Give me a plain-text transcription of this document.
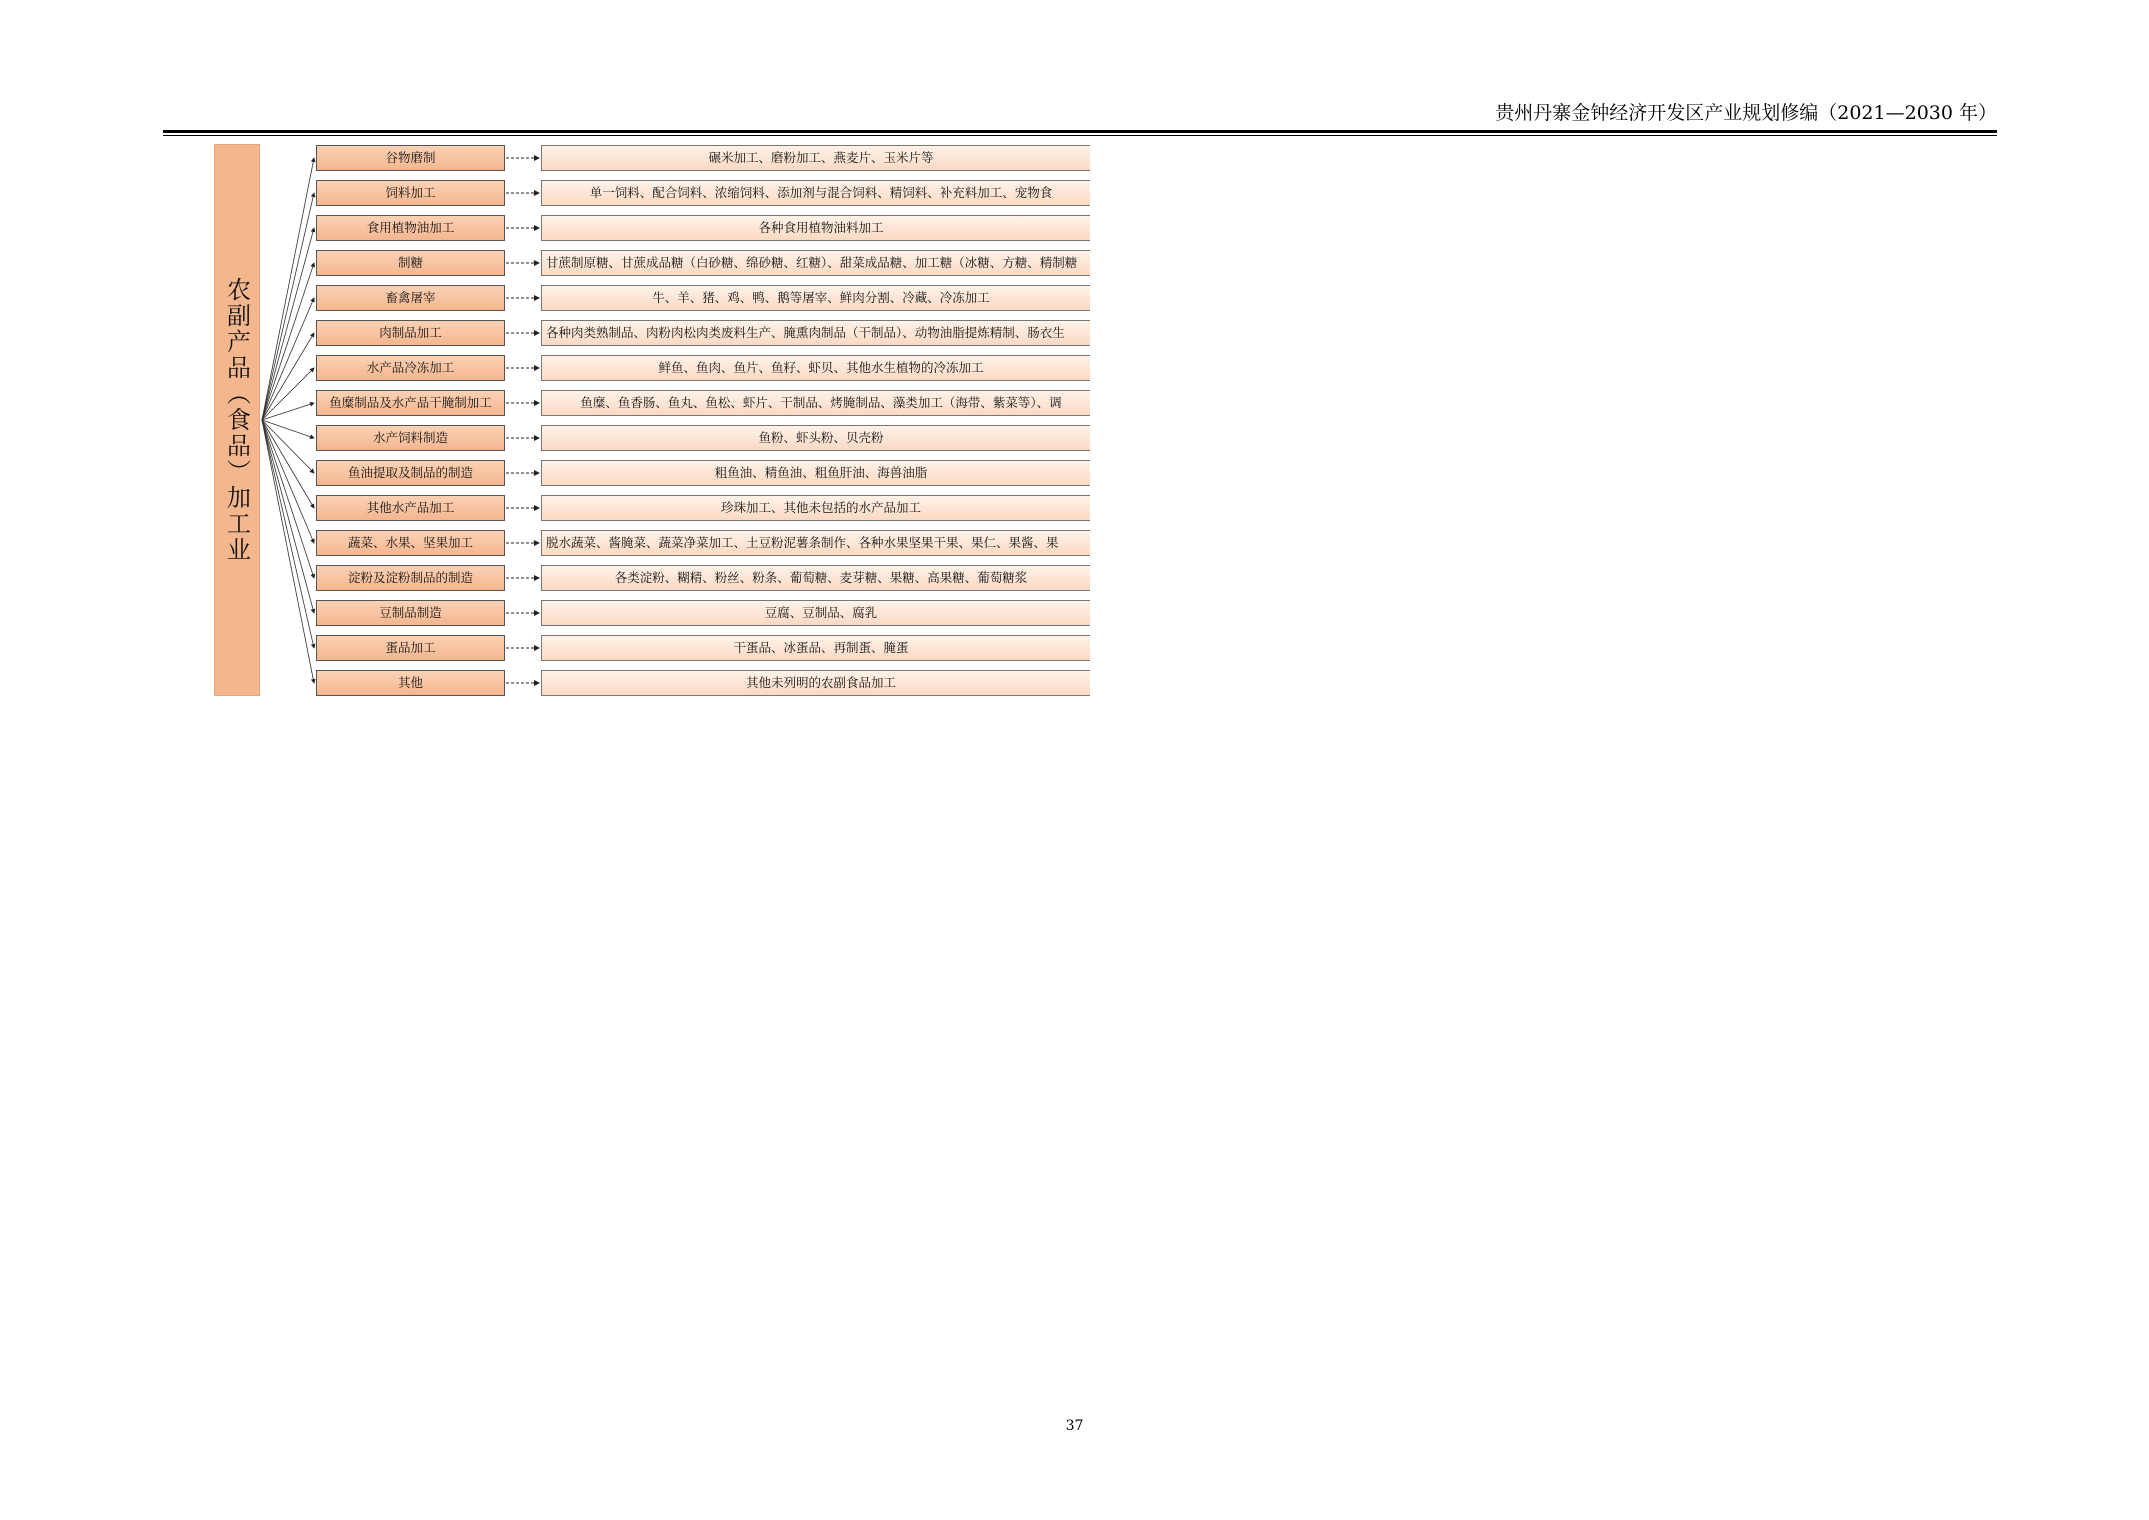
贵州丹寨金钟经济开发区产业规划修编（2021—2030 年）
农副产品（食品）加工业
谷物磨制	碾米加工、磨粉加工、燕麦片、玉米片等
饲料加工	单一饲料、配合饲料、浓缩饲料、添加剂与混合饲料、精饲料、补充料加工、宠物食
食用植物油加工	各种食用植物油料加工
制糖	甘蔗制原糖、甘蔗成品糖（白砂糖、绵砂糖、红糖）、甜菜成品糖、加工糖（冰糖、方糖、精制糖
畜禽屠宰	牛、羊、猪、鸡、鸭、鹅等屠宰、鲜肉分割、冷藏、冷冻加工
肉制品加工	各种肉类熟制品、肉粉肉松肉类废料生产、腌熏肉制品（干制品）、动物油脂提炼精制、肠衣生
水产品冷冻加工	鲜鱼、鱼肉、鱼片、鱼籽、虾贝、其他水生植物的冷冻加工
鱼糜制品及水产品干腌制加工	鱼糜、鱼香肠、鱼丸、鱼松、虾片、干制品、烤腌制品、藻类加工（海带、紫菜等）、调
水产饲料制造	鱼粉、虾头粉、贝壳粉
鱼油提取及制品的制造	粗鱼油、精鱼油、粗鱼肝油、海兽油脂
其他水产品加工	珍珠加工、其他未包括的水产品加工
蔬菜、水果、坚果加工	脱水蔬菜、酱腌菜、蔬菜净菜加工、土豆粉泥薯条制作、各种水果坚果干果、果仁、果酱、果
淀粉及淀粉制品的制造	各类淀粉、糊精、粉丝、粉条、葡萄糖、麦芽糖、果糖、高果糖、葡萄糖浆
豆制品制造	豆腐、豆制品、腐乳
蛋品加工	干蛋品、冰蛋品、再制蛋、腌蛋
其他	其他未列明的农副食品加工
37
